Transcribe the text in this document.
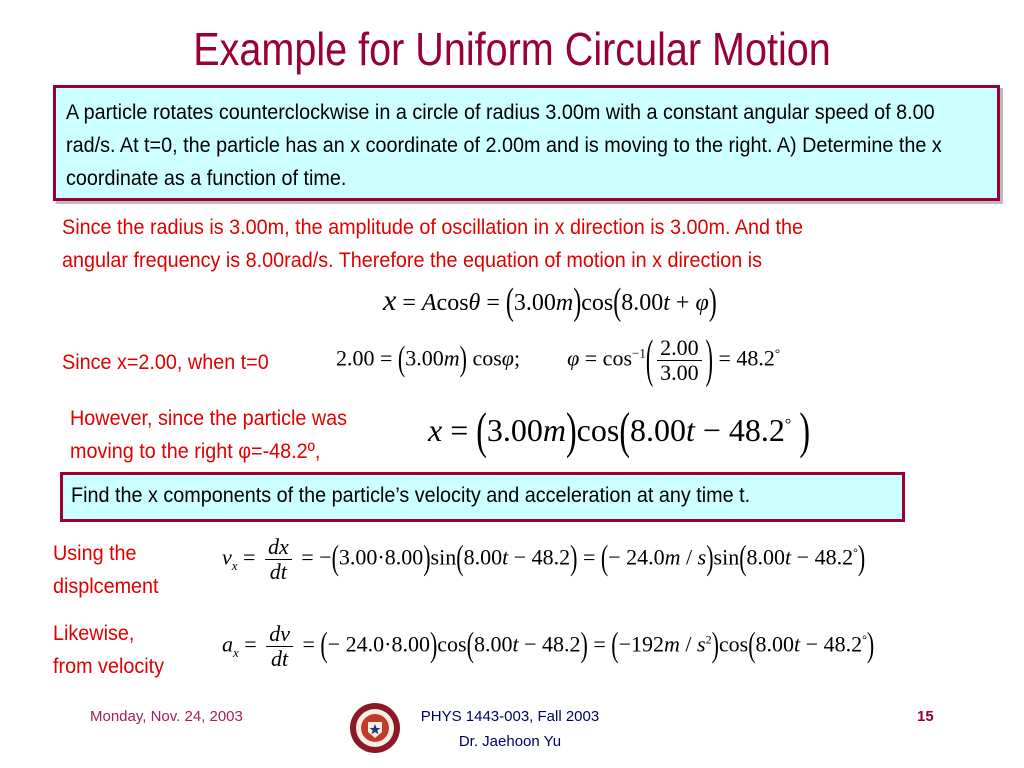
Example for Uniform Circular Motion

A particle rotates counterclockwise in a circle of radius 3.00m with a constant angular speed of 8.00 rad/s. At t=0, the particle has an x coordinate of 2.00m and is moving to the right. A) Determine the x coordinate as a function of time.

Since the radius is 3.00m, the amplitude of oscillation in x direction is 3.00m. And the
angular frequency is 8.00rad/s. Therefore the equation of motion in x direction is
x = Acosθ = (3.00m)cos(8.00t + φ)
Since x=2.00, when t=0	2.00 = (3.00m) cosφ;  $\varphi = \cos^{-1}( \frac{2.00}{3.00}$ ) = 48.2°
However, since the particle was
moving to the right φ=-48.2º,
x = (3.00m)cos(8.00t − 48.2° )

Find the x components of the particle’s velocity and acceleration at any time t.

Using the
displcement
$v_x = \frac{dx}{dt} = -(3.00\cdot 8.00)\sin(8.00t - 48.2)$ = (− 24.0m / s)sin(8.00t − 48.2°)
Likewise,
from velocity
$a_x = \frac{dv}{dt}$ = (− $24.0\cdot 8.00)\cos(8.00t - 48.2) = (-192m / s^2)\cos(8.00t - 48.2^\circ)$
Monday, Nov. 24, 2003	PHYS 1443-003, Fall 2003
Dr. Jaehoon Yu
15
